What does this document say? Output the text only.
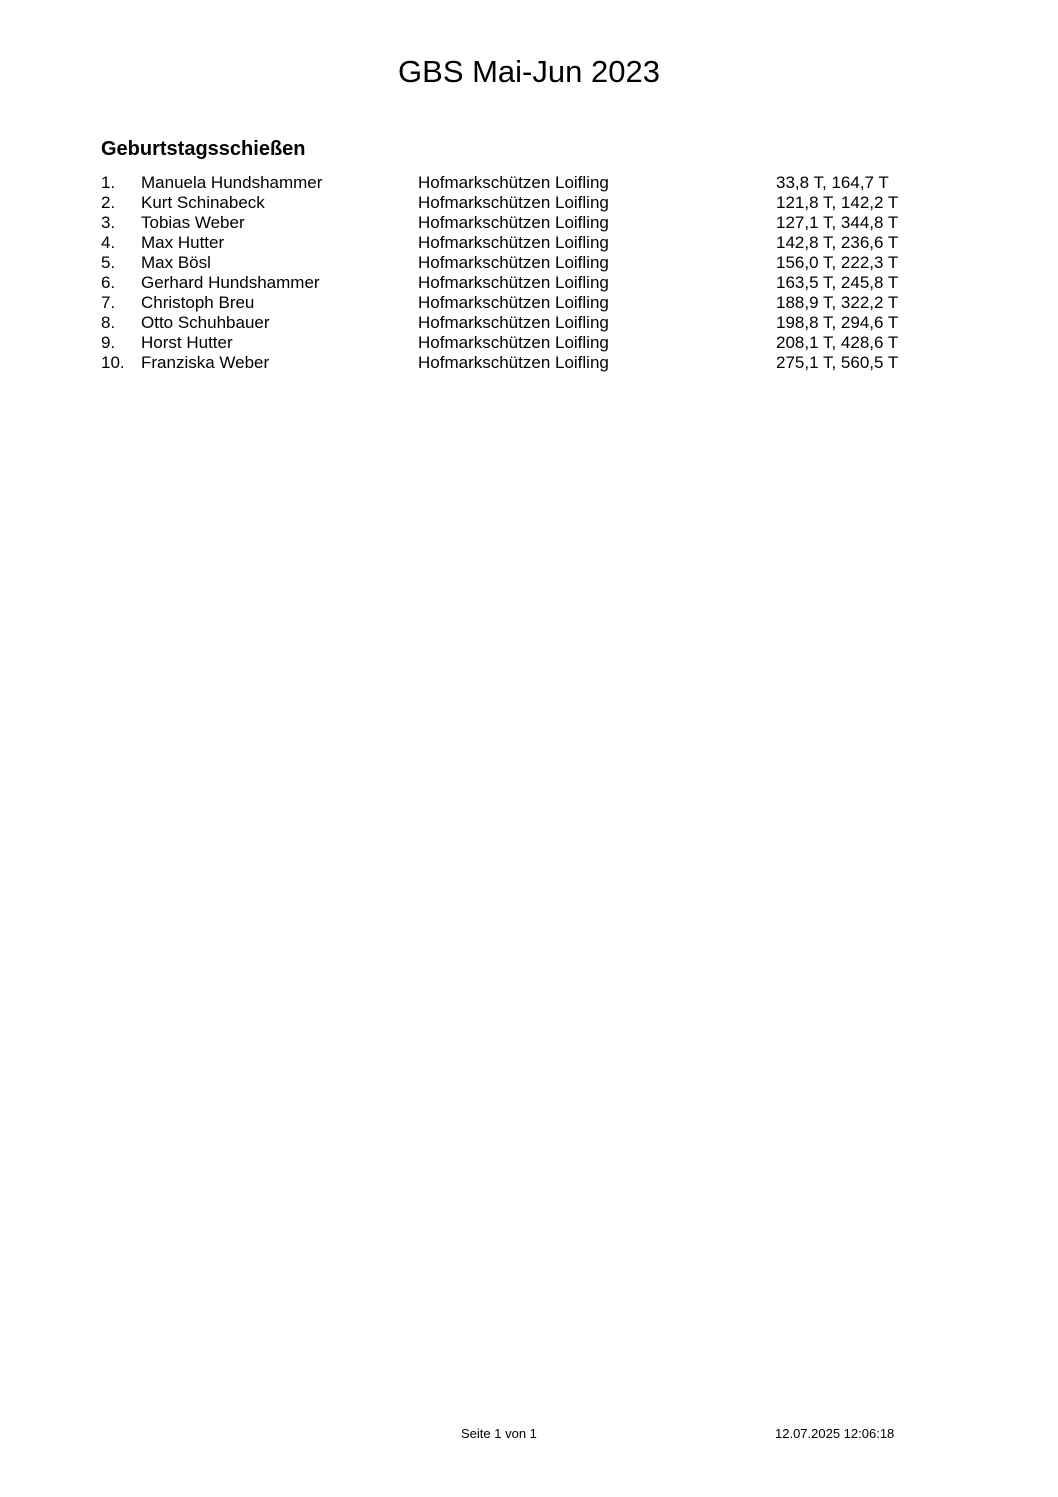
GBS Mai-Jun 2023
Geburtstagsschießen
1. Manuela Hundshammer	Hofmarkschützen Loifling	33,8 T, 164,7 T
2. Kurt Schinabeck	Hofmarkschützen Loifling	121,8 T, 142,2 T
3. Tobias Weber	Hofmarkschützen Loifling	127,1 T, 344,8 T
4. Max Hutter	Hofmarkschützen Loifling	142,8 T, 236,6 T
5. Max Bösl	Hofmarkschützen Loifling	156,0 T, 222,3 T
6. Gerhard Hundshammer	Hofmarkschützen Loifling	163,5 T, 245,8 T
7. Christoph Breu	Hofmarkschützen Loifling	188,9 T, 322,2 T
8. Otto Schuhbauer	Hofmarkschützen Loifling	198,8 T, 294,6 T
9. Horst Hutter	Hofmarkschützen Loifling	208,1 T, 428,6 T
10. Franziska Weber	Hofmarkschützen Loifling	275,1 T, 560,5 T
Seite 1 von 1	12.07.2025 12:06:18
